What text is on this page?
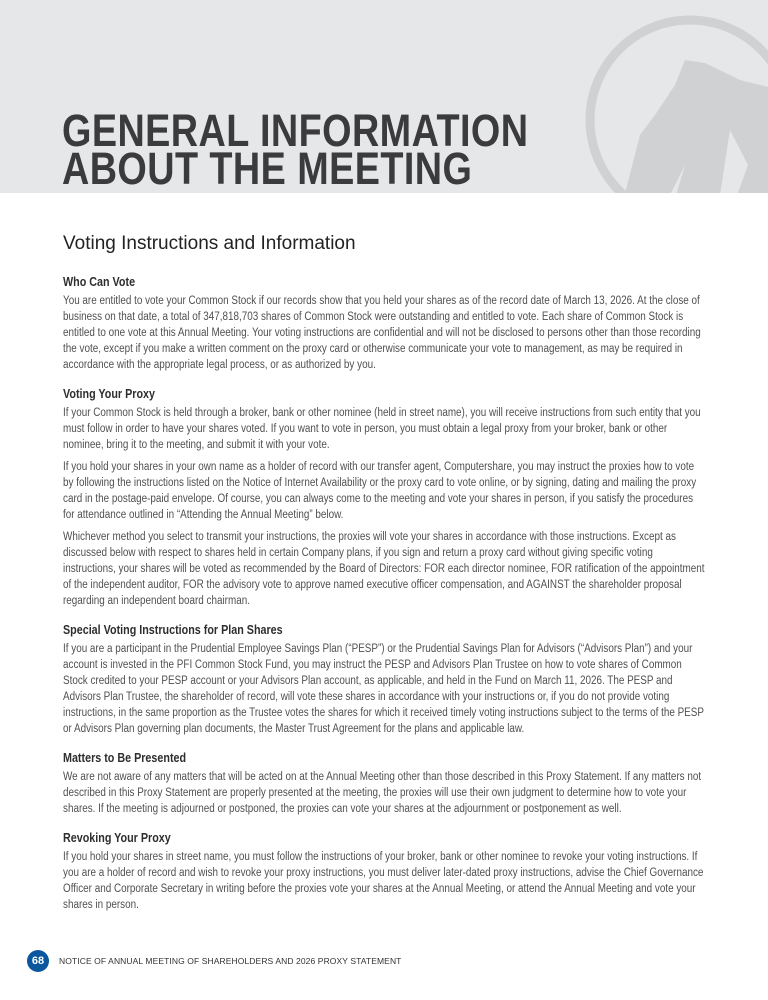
GENERAL INFORMATION
ABOUT THE MEETING
Voting Instructions and Information
Who Can Vote

You are entitled to vote your Common Stock if our records show that you held your shares as of the record date of March 13, 2026. At the close of business on that date, a total of 347,818,703 shares of Common Stock were outstanding and entitled to vote. Each share of Common Stock is entitled to one vote at this Annual Meeting. Your voting instructions are confidential and will not be disclosed to persons other than those recording the vote, except if you make a written comment on the proxy card or otherwise communicate your vote to management, as may be required in accordance with the appropriate legal process, or as authorized by you.

Voting Your Proxy

If your Common Stock is held through a broker, bank or other nominee (held in street name), you will receive instructions from such entity that you must follow in order to have your shares voted. If you want to vote in person, you must obtain a legal proxy from your broker, bank or other nominee, bring it to the meeting, and submit it with your vote.

If you hold your shares in your own name as a holder of record with our transfer agent, Computershare, you may instruct the proxies how to vote by following the instructions listed on the Notice of Internet Availability or the proxy card to vote online, or by signing, dating and mailing the proxy card in the postage-paid envelope. Of course, you can always come to the meeting and vote your shares in person, if you satisfy the procedures for attendance outlined in “Attending the Annual Meeting” below.

Whichever method you select to transmit your instructions, the proxies will vote your shares in accordance with those instructions. Except as discussed below with respect to shares held in certain Company plans, if you sign and return a proxy card without giving specific voting instructions, your shares will be voted as recommended by the Board of Directors: FOR each director nominee, FOR ratification of the appointment of the independent auditor, FOR the advisory vote to approve named executive officer compensation, and AGAINST the shareholder proposal regarding an independent board chairman.

Special Voting Instructions for Plan Shares

If you are a participant in the Prudential Employee Savings Plan (“PESP”) or the Prudential Savings Plan for Advisors (“Advisors Plan”) and your account is invested in the PFI Common Stock Fund, you may instruct the PESP and Advisors Plan Trustee on how to vote shares of Common Stock credited to your PESP account or your Advisors Plan account, as applicable, and held in the Fund on March 11, 2026. The PESP and Advisors Plan Trustee, the shareholder of record, will vote these shares in accordance with your instructions or, if you do not provide voting instructions, in the same proportion as the Trustee votes the shares for which it received timely voting instructions subject to the terms of the PESP or Advisors Plan governing plan documents, the Master Trust Agreement for the plans and applicable law.

Matters to Be Presented

We are not aware of any matters that will be acted on at the Annual Meeting other than those described in this Proxy Statement. If any matters not described in this Proxy Statement are properly presented at the meeting, the proxies will use their own judgment to determine how to vote your shares. If the meeting is adjourned or postponed, the proxies can vote your shares at the adjournment or postponement as well.

Revoking Your Proxy

If you hold your shares in street name, you must follow the instructions of your broker, bank or other nominee to revoke your voting instructions. If you are a holder of record and wish to revoke your proxy instructions, you must deliver later-dated proxy instructions, advise the Chief Governance Officer and Corporate Secretary in writing before the proxies vote your shares at the Annual Meeting, or attend the Annual Meeting and vote your shares in person.

68	NOTICE OF ANNUAL MEETING OF SHAREHOLDERS AND 2026 PROXY STATEMENT
